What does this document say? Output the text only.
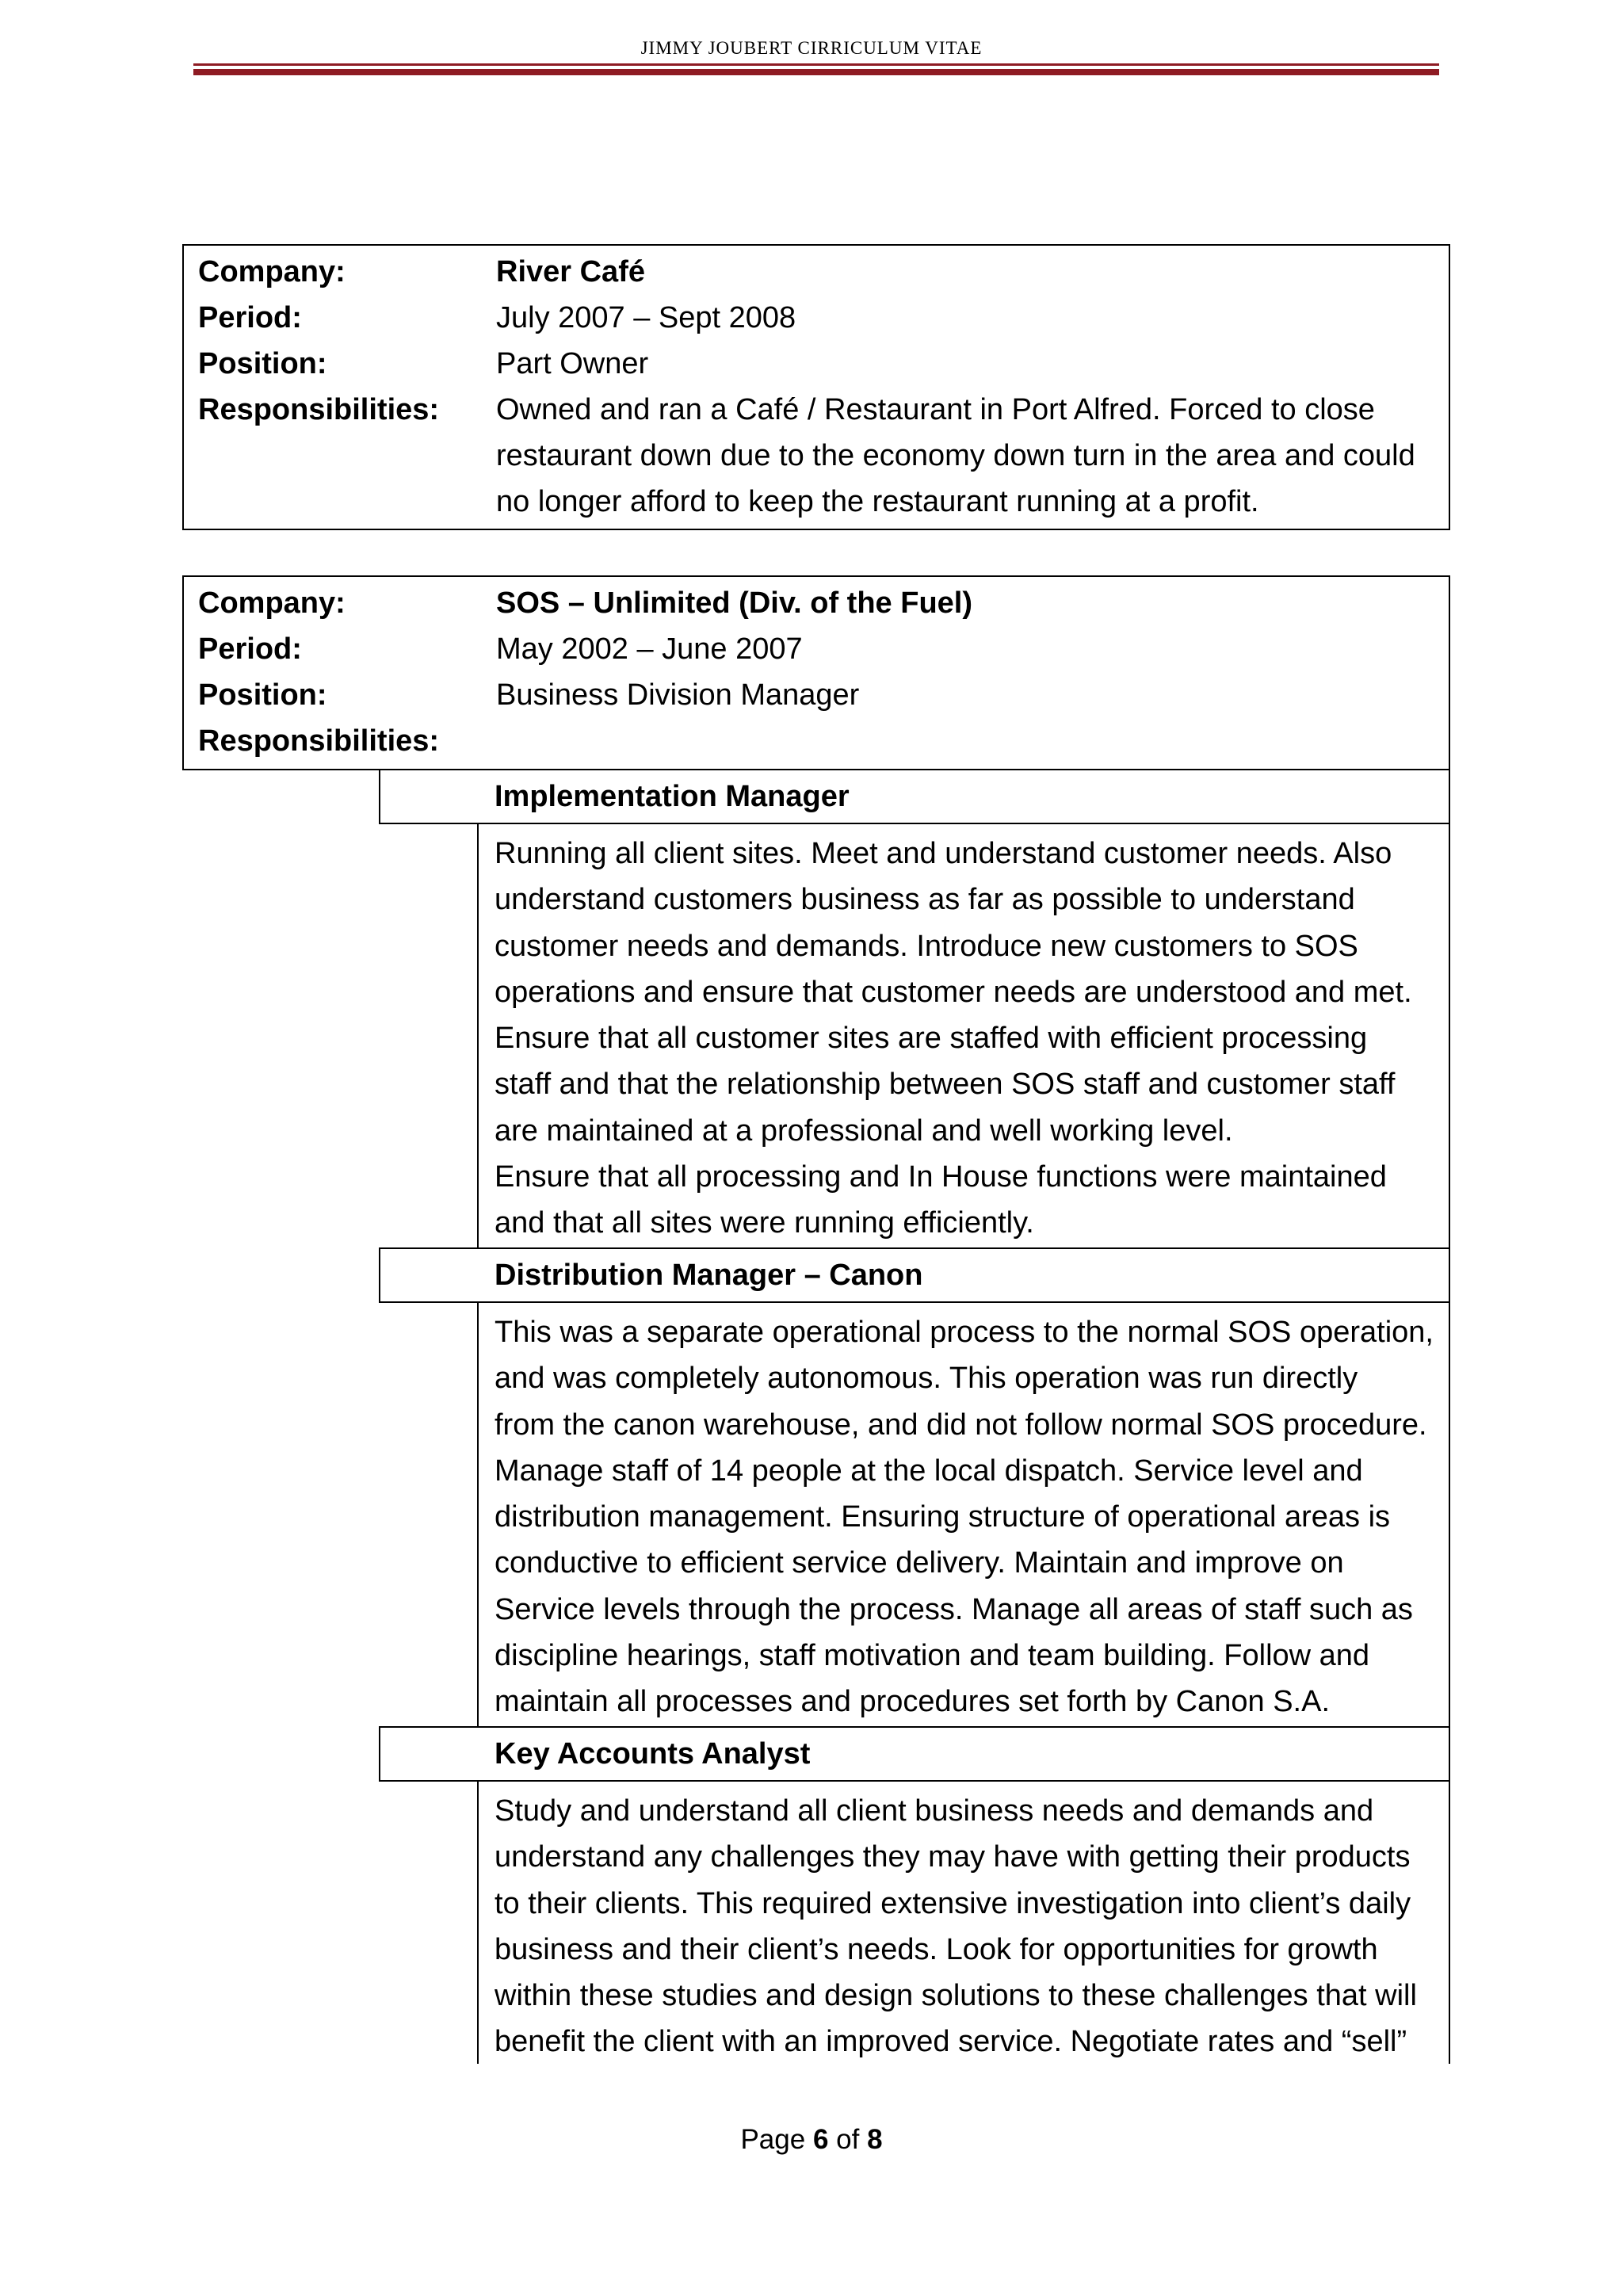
JIMMY JOUBERT CIRRICULUM VITAE
Company:	River Café
Period:	July 2007 – Sept 2008
Position:	Part Owner
Responsibilities: Owned and ran a Café / Restaurant in Port Alfred. Forced to close
restaurant down due to the economy down turn in the area and could
no longer afford to keep the restaurant running at a profit.
Company:	SOS – Unlimited (Div. of the Fuel)
Period:	May 2002 – June 2007
Position:	Business Division Manager
Responsibilities:
Implementation Manager
Running all client sites. Meet and understand customer needs. Also
understand customers business as far as possible to understand
customer needs and demands. Introduce new customers to SOS
operations and ensure that customer needs are understood and met.
Ensure that all customer sites are staffed with efficient processing
staff and that the relationship between SOS staff and customer staff
are maintained at a professional and well working level.
Ensure that all processing and In House functions were maintained
and that all sites were running efficiently.
Distribution Manager – Canon
This was a separate operational process to the normal SOS operation,
and was completely autonomous. This operation was run directly
from the canon warehouse, and did not follow normal SOS procedure.
Manage staff of 14 people at the local dispatch. Service level and
distribution management. Ensuring structure of operational areas is
conductive to efficient service delivery. Maintain and improve on
Service levels through the process. Manage all areas of staff such as
discipline hearings, staff motivation and team building. Follow and
maintain all processes and procedures set forth by Canon S.A.
Key Accounts Analyst
Study and understand all client business needs and demands and
understand any challenges they may have with getting their products
to their clients. This required extensive investigation into client’s daily
business and their client’s needs. Look for opportunities for growth
within these studies and design solutions to these challenges that will
benefit the client with an improved service. Negotiate rates and “sell”
Page 6 of 8
